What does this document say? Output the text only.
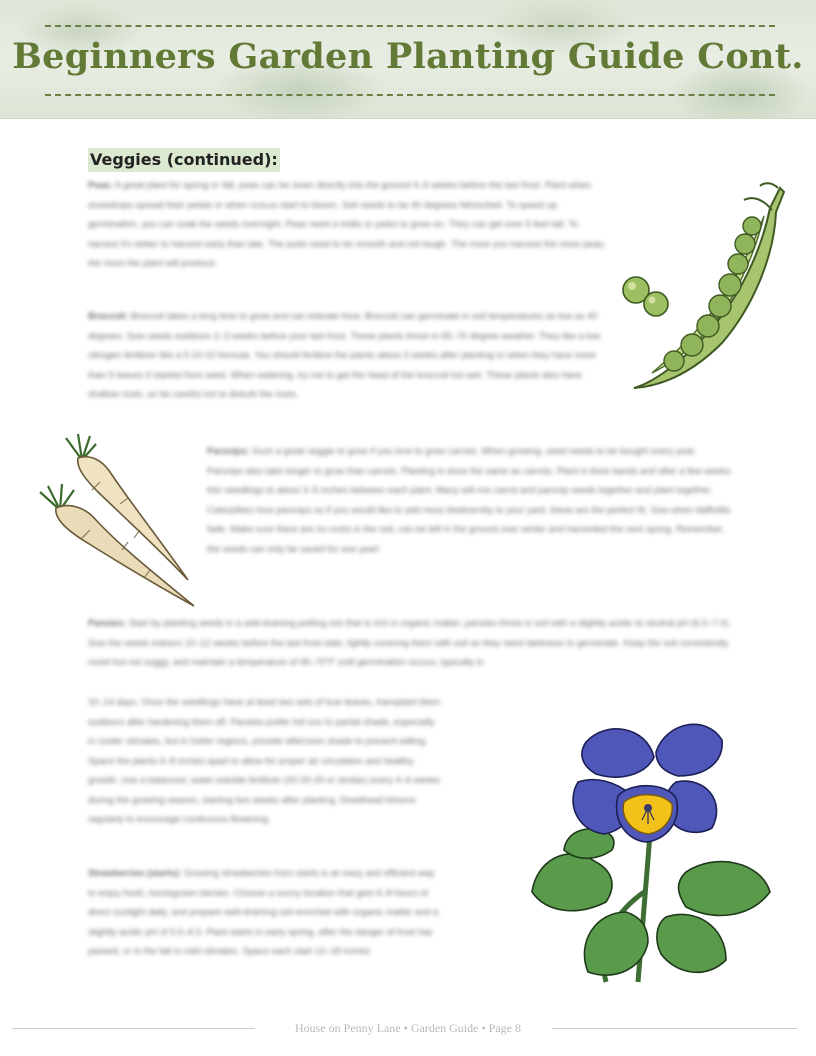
Beginners Garden Planting Guide Cont.
Veggies (continued):

Peas: A great plant for spring or fall, peas can be sown directly into the ground 4–6 weeks before the last frost. Plant when snowdrops spread their petals or when crocus start to bloom. Soil needs to be 40 degrees fahrenheit. To speed up germination, you can soak the seeds overnight. Peas need a trellis or poles to grow on. They can get over 5 feet tall. To harvest it's better to harvest early than late. The pods need to be smooth and not tough. The more you harvest the more peas, the more the plant will produce.

Broccoli: Broccoli takes a long time to grow and can tolerate frost. Broccoli can germinate in soil temperatures as low as 40 degrees. Sow seeds outdoors 2–3 weeks before your last frost. These plants thrive in 65–70 degree weather. They like a low nitrogen fertilizer like a 5-10-10 formula. You should fertilize the plants about 3 weeks after planting or when they have more than 5 leaves if started from seed. When watering, try not to get the head of the broccoli too wet. These plants also have shallow roots, so be careful not to disturb the roots.

Parsnips: Such a great veggie to grow if you love to grow carrots. When growing, seed needs to be bought every year. Parsnips also take longer to grow than carrots. Planting is done the same as carrots. Plant in thick bands and after a few weeks thin seedlings to about 3–5 inches between each plant. Many will mix carrot and parsnip seeds together and plant together. Caterpillars love parsnips so if you would like to add more biodiversity to your yard, these are the perfect fit. Sow when daffodils fade. Make sure there are no rocks in the soil, can be left in the ground over winter and harvested the next spring. Remember, the seeds can only be saved for one year!

Pansies: Start by planting seeds in a well-draining potting mix that is rich in organic matter, pansies thrive in soil with a slightly acidic to neutral pH (6.0–7.0). Sow the seeds indoors 10–12 weeks before the last frost date, lightly covering them with soil as they need darkness to germinate. Keep the soil consistently moist but not soggy, and maintain a temperature of 65–70°F until germination occurs, typically in

10–14 days. Once the seedlings have at least two sets of true leaves, transplant them outdoors after hardening them off. Pansies prefer full sun to partial shade, especially in cooler climates, but in hotter regions, provide afternoon shade to prevent wilting. Space the plants 6–8 inches apart to allow for proper air circulation and healthy growth. Use a balanced, water-soluble fertilizer (20-20-20 or similar) every 4–6 weeks during the growing season, starting two weeks after planting. Deadhead blooms regularly to encourage continuous flowering.

Strawberries (starts): Growing strawberries from starts is an easy and efficient way to enjoy fresh, homegrown berries. Choose a sunny location that gets 6–8 hours of direct sunlight daily, and prepare well-draining soil enriched with organic matter and a slightly acidic pH of 5.5–6.5. Plant starts in early spring, after the danger of frost has passed, or in the fall in mild climates. Space each start 12–18 inches

House on Penny Lane • Garden Guide • Page 8
